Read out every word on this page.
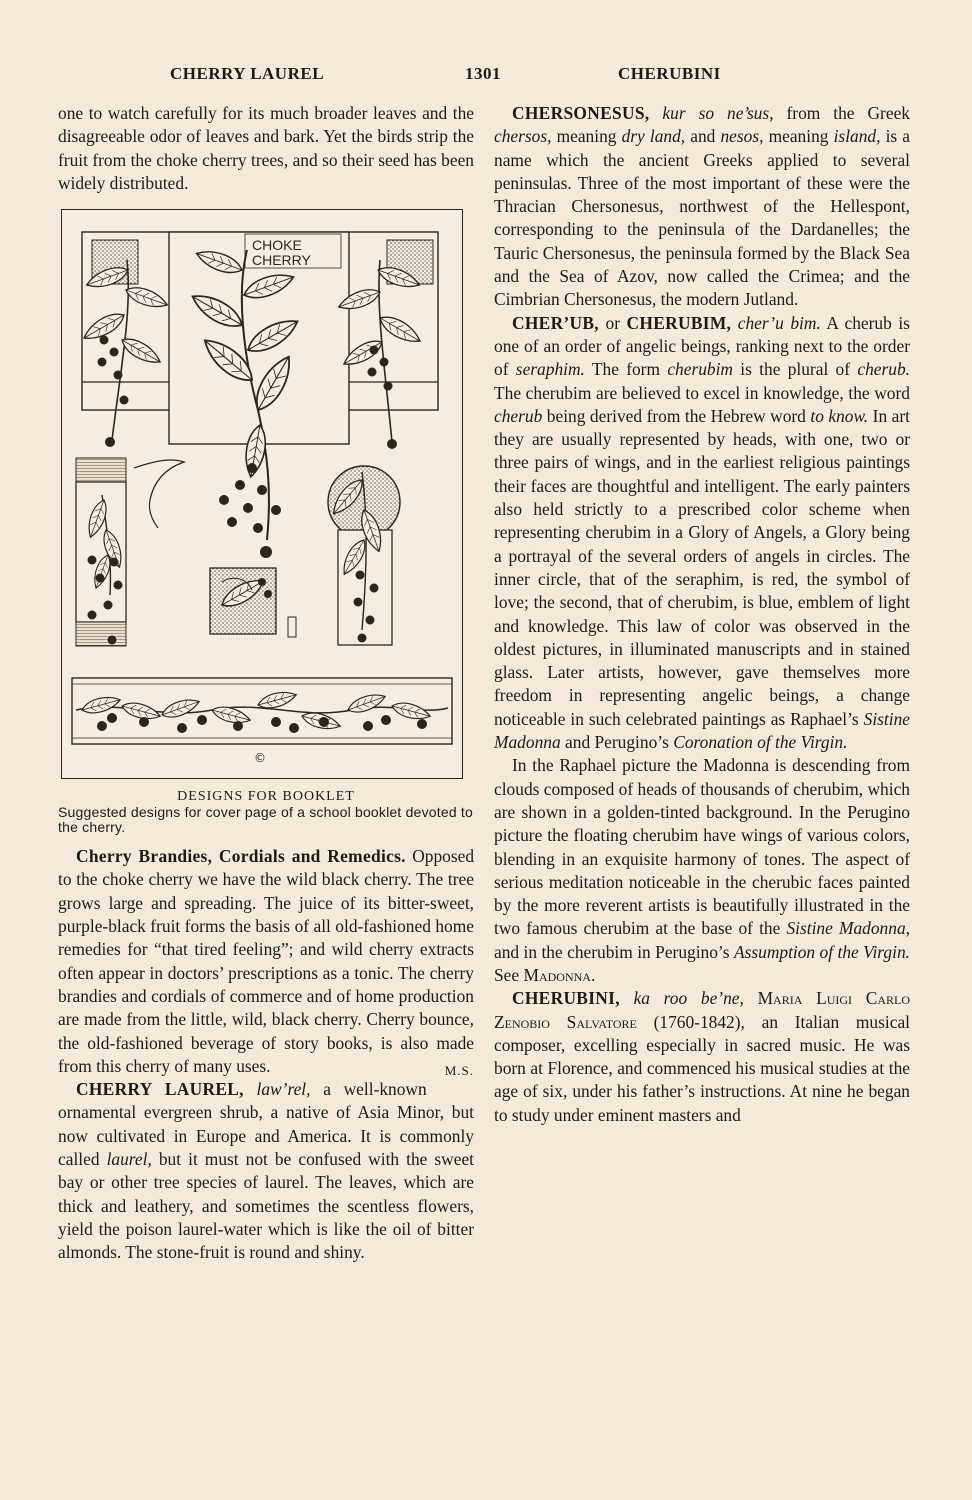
CHERRY LAUREL	1301	CHERUBINI

one to watch carefully for its much broader leaves and the disagreeable odor of leaves and bark. Yet the birds strip the fruit from the choke cherry trees, and so their seed has been widely distributed.

CHOKE
CHERRY
©

DESIGNS FOR BOOKLET

Suggested designs for cover page of a school booklet devoted to the cherry.

Cherry Brandies, Cordials and Remedics. Opposed to the choke cherry we have the wild black cherry. The tree grows large and spreading. The juice of its bitter-sweet, purple-black fruit forms the basis of all old-fashioned home remedies for “that tired feeling”; and wild cherry extracts often appear in doctors’ prescriptions as a tonic. The cherry brandies and cordials of commerce and of home production are made from the little, wild, black cherry. Cherry bounce, the old-fashioned beverage of story books, is also made from this cherry of many uses.	M.S.

CHERRY LAUREL, law’rel, a well-known ornamental evergreen shrub, a native of Asia Minor, but now cultivated in Europe and America. It is commonly called laurel, but it must not be confused with the sweet bay or other tree species of laurel. The leaves, which are thick and leathery, and sometimes the scentless flowers, yield the poison laurel-water which is like the oil of bitter almonds. The stone-fruit is round and shiny.

CHERSONESUS, kur so ne’sus, from the Greek chersos, meaning dry land, and nesos, meaning island, is a name which the ancient Greeks applied to several peninsulas. Three of the most important of these were the Thracian Chersonesus, northwest of the Hellespont, corresponding to the peninsula of the Dardanelles; the Tauric Chersonesus, the peninsula formed by the Black Sea and the Sea of Azov, now called the Crimea; and the Cimbrian Chersonesus, the modern Jutland.

CHER’UB, or CHERUBIM, cher’u bim. A cherub is one of an order of angelic beings, ranking next to the order of seraphim. The form cherubim is the plural of cherub. The cherubim are believed to excel in knowledge, the word cherub being derived from the Hebrew word to know. In art they are usually represented by heads, with one, two or three pairs of wings, and in the earliest religious paintings their faces are thoughtful and intelligent. The early painters also held strictly to a prescribed color scheme when representing cherubim in a Glory of Angels, a Glory being a portrayal of the several orders of angels in circles. The inner circle, that of the seraphim, is red, the symbol of love; the second, that of cherubim, is blue, emblem of light and knowledge. This law of color was observed in the oldest pictures, in illuminated manuscripts and in stained glass. Later artists, however, gave themselves more freedom in representing angelic beings, a change noticeable in such celebrated paintings as Raphael’s Sistine Madonna and Perugino’s Coronation of the Virgin.

In the Raphael picture the Madonna is descending from clouds composed of heads of thousands of cherubim, which are shown in a golden-tinted background. In the Perugino picture the floating cherubim have wings of various colors, blending in an exquisite harmony of tones. The aspect of serious meditation noticeable in the cherubic faces painted by the more reverent artists is beautifully illustrated in the two famous cherubim at the base of the Sistine Madonna, and in the cherubim in Perugino’s Assumption of the Virgin. See Madonna.

CHERUBINI, ka roo be’ne, Maria Luigi Carlo Zenobio Salvatore (1760-1842), an Italian musical composer, excelling especially in sacred music. He was born at Florence, and commenced his musical studies at the age of six, under his father’s instructions. At nine he began to study under eminent masters and
